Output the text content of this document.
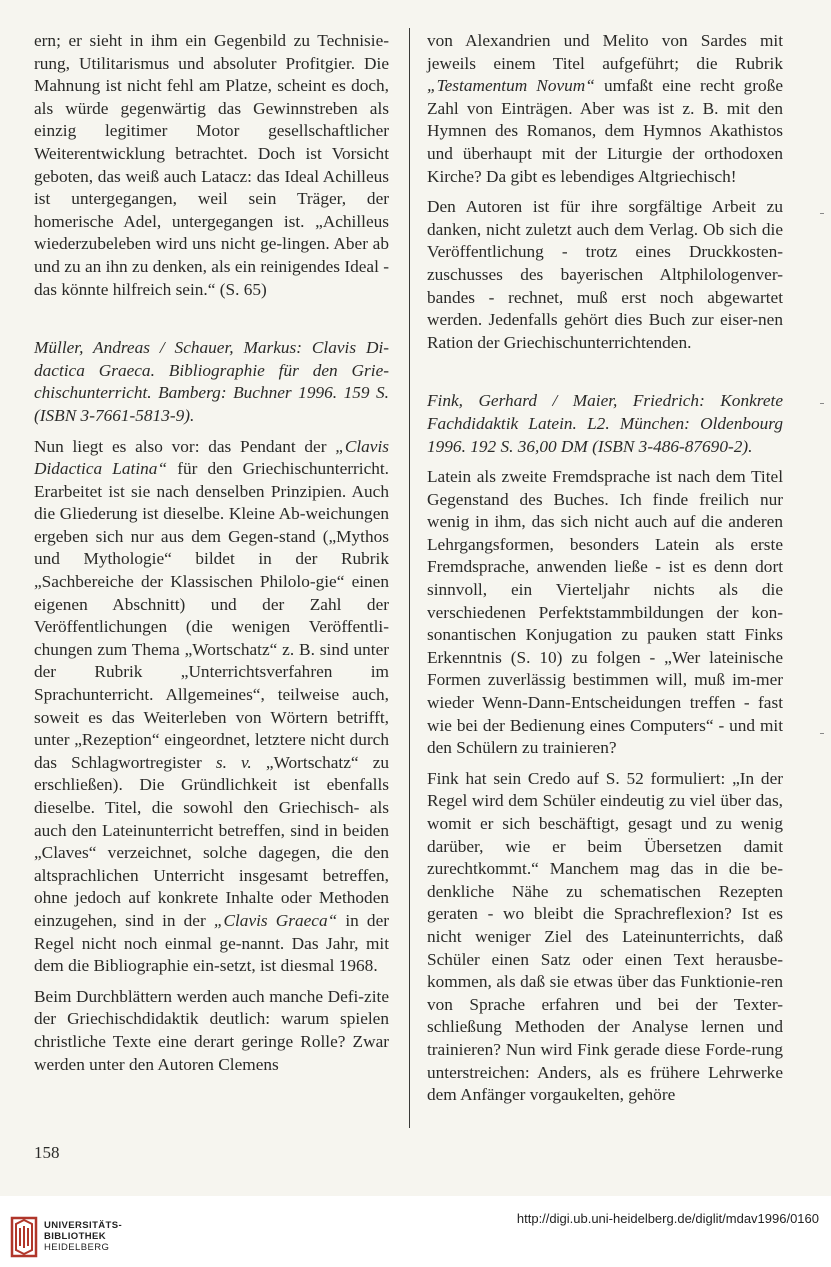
ern; er sieht in ihm ein Gegenbild zu Technisie-rung, Utilitarismus und absoluter Profitgier. Die Mahnung ist nicht fehl am Platze, scheint es doch, als würde gegenwärtig das Gewinnstreben als einzig legitimer Motor gesellschaftlicher Weiterentwicklung betrachtet. Doch ist Vorsicht geboten, das weiß auch Latacz: das Ideal Achilleus ist untergegangen, weil sein Träger, der homerische Adel, untergegangen ist. „Achilleus wiederzubeleben wird uns nicht ge-lingen. Aber ab und zu an ihn zu denken, als ein reinigendes Ideal - das könnte hilfreich sein.“ (S. 65)

Müller, Andreas / Schauer, Markus: Clavis Di-dactica Graeca. Bibliographie für den Grie-chischunterricht. Bamberg: Buchner 1996. 159 S. (ISBN 3-7661-5813-9).

Nun liegt es also vor: das Pendant der „Clavis Didactica Latina“ für den Griechischunterricht. Erarbeitet ist sie nach denselben Prinzipien. Auch die Gliederung ist dieselbe. Kleine Ab-weichungen ergeben sich nur aus dem Gegen-stand („Mythos und Mythologie“ bildet in der Rubrik „Sachbereiche der Klassischen Philolo-gie“ einen eigenen Abschnitt) und der Zahl der Veröffentlichungen (die wenigen Veröffentli-chungen zum Thema „Wortschatz“ z. B. sind unter der Rubrik „Unterrichtsverfahren im Sprachunterricht. Allgemeines“, teilweise auch, soweit es das Weiterleben von Wörtern betrifft, unter „Rezeption“ eingeordnet, letztere nicht durch das Schlagwortregister s. v. „Wortschatz“ zu erschließen). Die Gründlichkeit ist ebenfalls dieselbe. Titel, die sowohl den Griechisch- als auch den Lateinunterricht betreffen, sind in beiden „Claves“ verzeichnet, solche dagegen, die den altsprachlichen Unterricht insgesamt betreffen, ohne jedoch auf konkrete Inhalte oder Methoden einzugehen, sind in der „Clavis Graeca“ in der Regel nicht noch einmal ge-nannt. Das Jahr, mit dem die Bibliographie ein-setzt, ist diesmal 1968.

Beim Durchblättern werden auch manche Defi-zite der Griechischdidaktik deutlich: warum spielen christliche Texte eine derart geringe Rolle? Zwar werden unter den Autoren Clemens

von Alexandrien und Melito von Sardes mit jeweils einem Titel aufgeführt; die Rubrik „Testamentum Novum“ umfaßt eine recht große Zahl von Einträgen. Aber was ist z. B. mit den Hymnen des Romanos, dem Hymnos Akathistos und überhaupt mit der Liturgie der orthodoxen Kirche? Da gibt es lebendiges Altgriechisch!

Den Autoren ist für ihre sorgfältige Arbeit zu danken, nicht zuletzt auch dem Verlag. Ob sich die Veröffentlichung - trotz eines Druckkosten-zuschusses des bayerischen Altphilologenver-bandes - rechnet, muß erst noch abgewartet werden. Jedenfalls gehört dies Buch zur eiser-nen Ration der Griechischunterrichtenden.

Fink, Gerhard / Maier, Friedrich: Konkrete Fachdidaktik Latein. L2. München: Oldenbourg 1996. 192 S. 36,00 DM (ISBN 3-486-87690-2).

Latein als zweite Fremdsprache ist nach dem Titel Gegenstand des Buches. Ich finde freilich nur wenig in ihm, das sich nicht auch auf die anderen Lehrgangsformen, besonders Latein als erste Fremdsprache, anwenden ließe - ist es denn dort sinnvoll, ein Vierteljahr nichts als die verschiedenen Perfektstammbildungen der kon-sonantischen Konjugation zu pauken statt Finks Erkenntnis (S. 10) zu folgen - „Wer lateinische Formen zuverlässig bestimmen will, muß im-mer wieder Wenn-Dann-Entscheidungen treffen - fast wie bei der Bedienung eines Computers“ - und mit den Schülern zu trainieren?

Fink hat sein Credo auf S. 52 formuliert: „In der Regel wird dem Schüler eindeutig zu viel über das, womit er sich beschäftigt, gesagt und zu wenig darüber, wie er beim Übersetzen damit zurechtkommt.“ Manchem mag das in die be-denkliche Nähe zu schematischen Rezepten geraten - wo bleibt die Sprachreflexion? Ist es nicht weniger Ziel des Lateinunterrichts, daß Schüler einen Satz oder einen Text herausbe-kommen, als daß sie etwas über das Funktionie-ren von Sprache erfahren und bei der Texter-schließung Methoden der Analyse lernen und trainieren? Nun wird Fink gerade diese Forde-rung unterstreichen: Anders, als es frühere Lehrwerke dem Anfänger vorgaukelten, gehöre

158
UNIVERSITÄTS-
BIBLIOTHEK
HEIDELBERG
http://digi.ub.uni-heidelberg.de/diglit/mdav1996/0160
